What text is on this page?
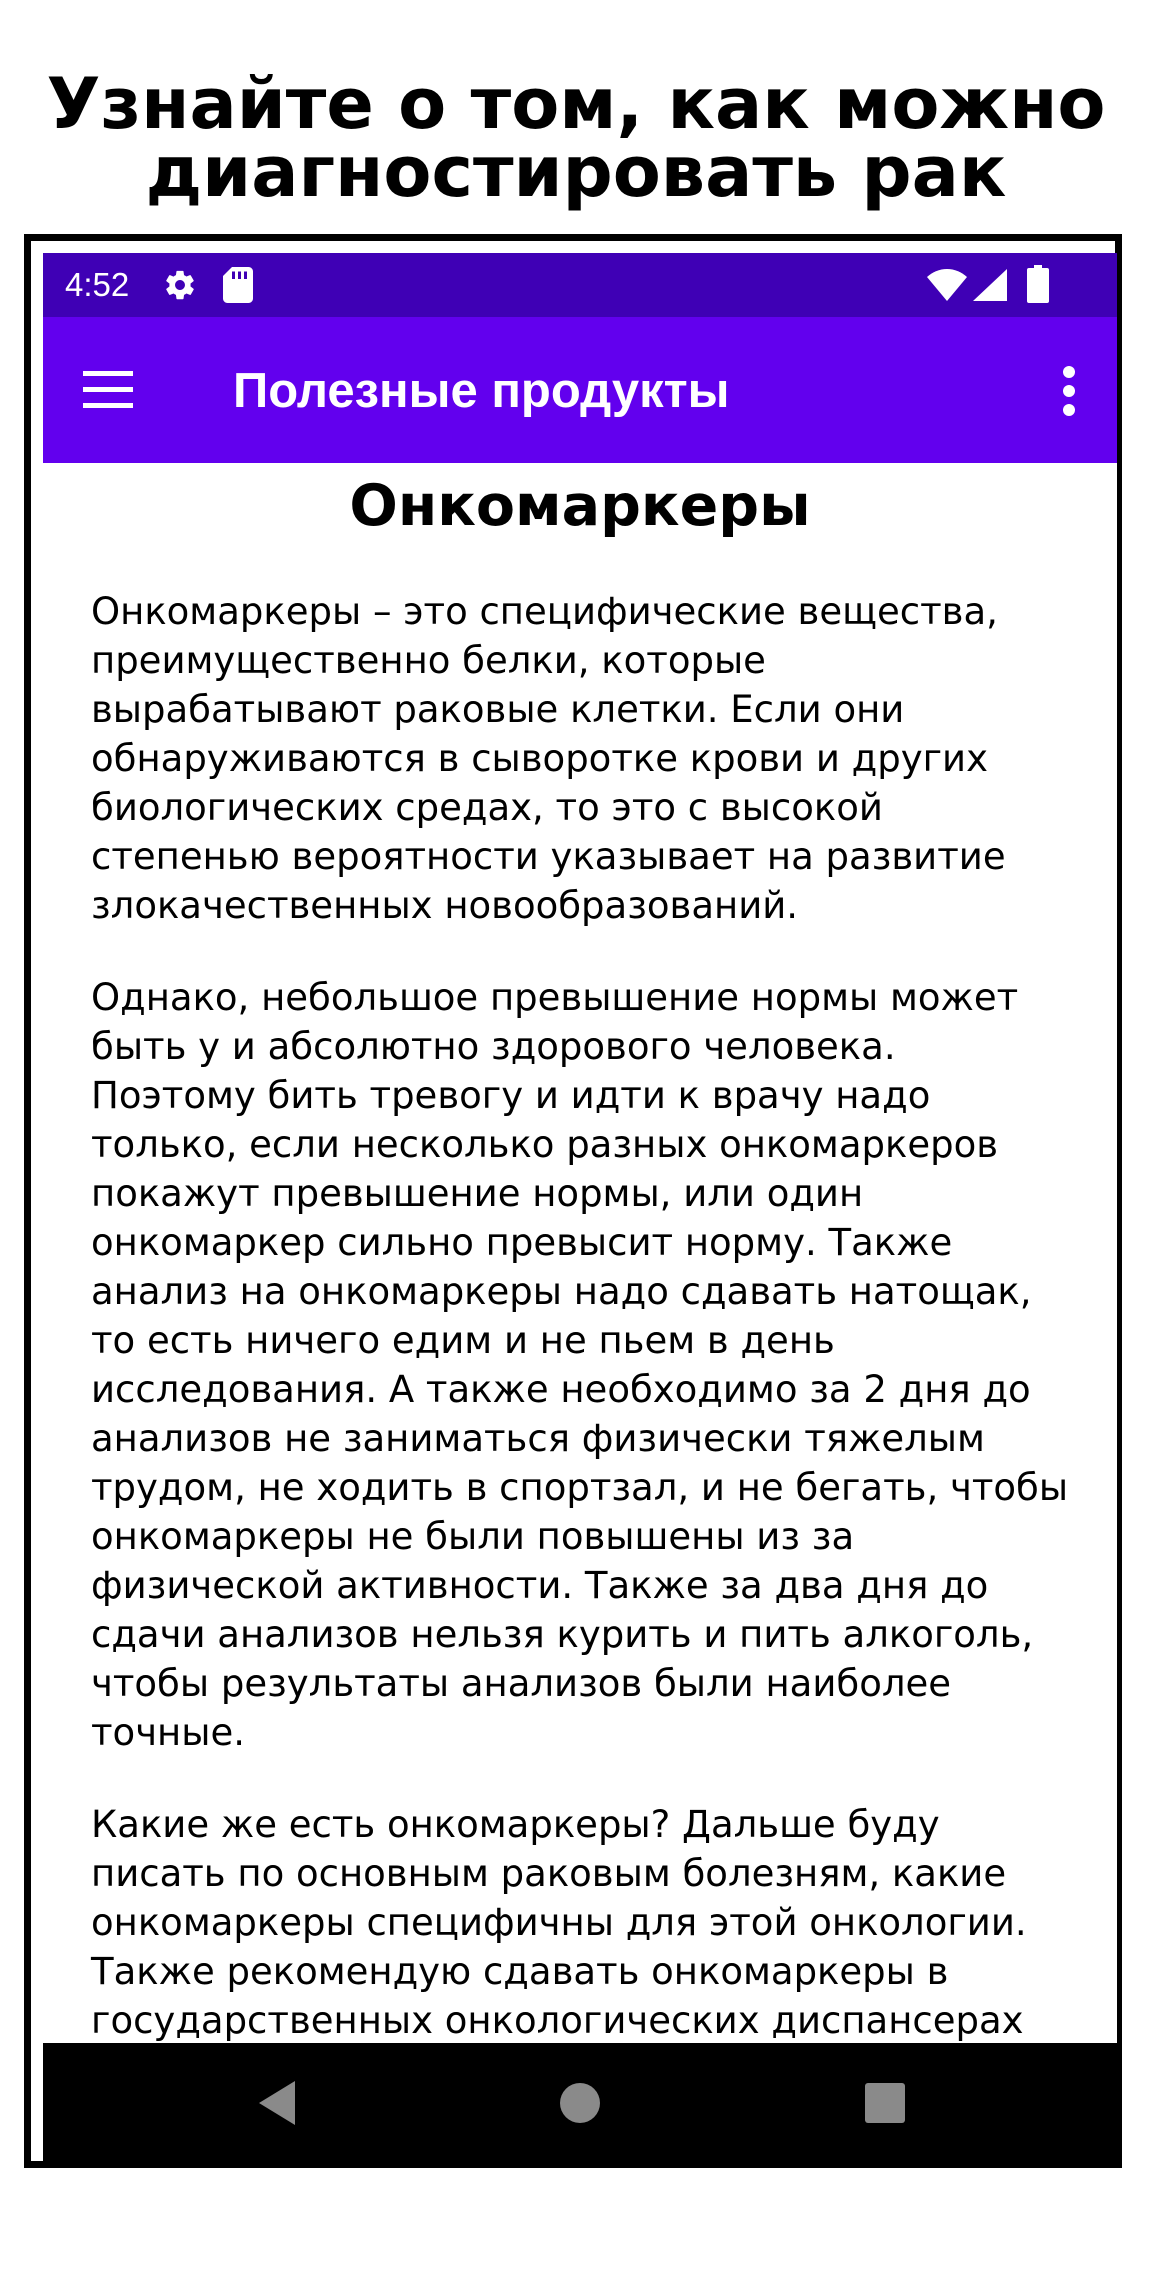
Узнайте о том, как можно
диагностировать рак
4:52
Полезные продукты
Онкомаркеры

Онкомаркеры – это специфические вещества,
преимущественно белки, которые
вырабатывают раковые клетки. Если они
обнаруживаются в сыворотке крови и других
биологических средах, то это с высокой
степенью вероятности указывает на развитие
злокачественных новообразований.

Однако, небольшое превышение нормы может
быть у и абсолютно здорового человека.
Поэтому бить тревогу и идти к врачу надо
только, если несколько разных онкомаркеров
покажут превышение нормы, или один
онкомаркер сильно превысит норму. Также
анализ на онкомаркеры надо сдавать натощак,
то есть ничего едим и не пьем в день
исследования. А также необходимо за 2 дня до
анализов не заниматься физически тяжелым
трудом, не ходить в спортзал, и не бегать, чтобы
онкомаркеры не были повышены из за
физической активности. Также за два дня до
сдачи анализов нельзя курить и пить алкоголь,
чтобы результаты анализов были наиболее
точные.

Какие же есть онкомаркеры? Дальше буду
писать по основным раковым болезням, какие
онкомаркеры специфичны для этой онкологии.
Также рекомендую сдавать онкомаркеры в
государственных онкологических диспансерах
